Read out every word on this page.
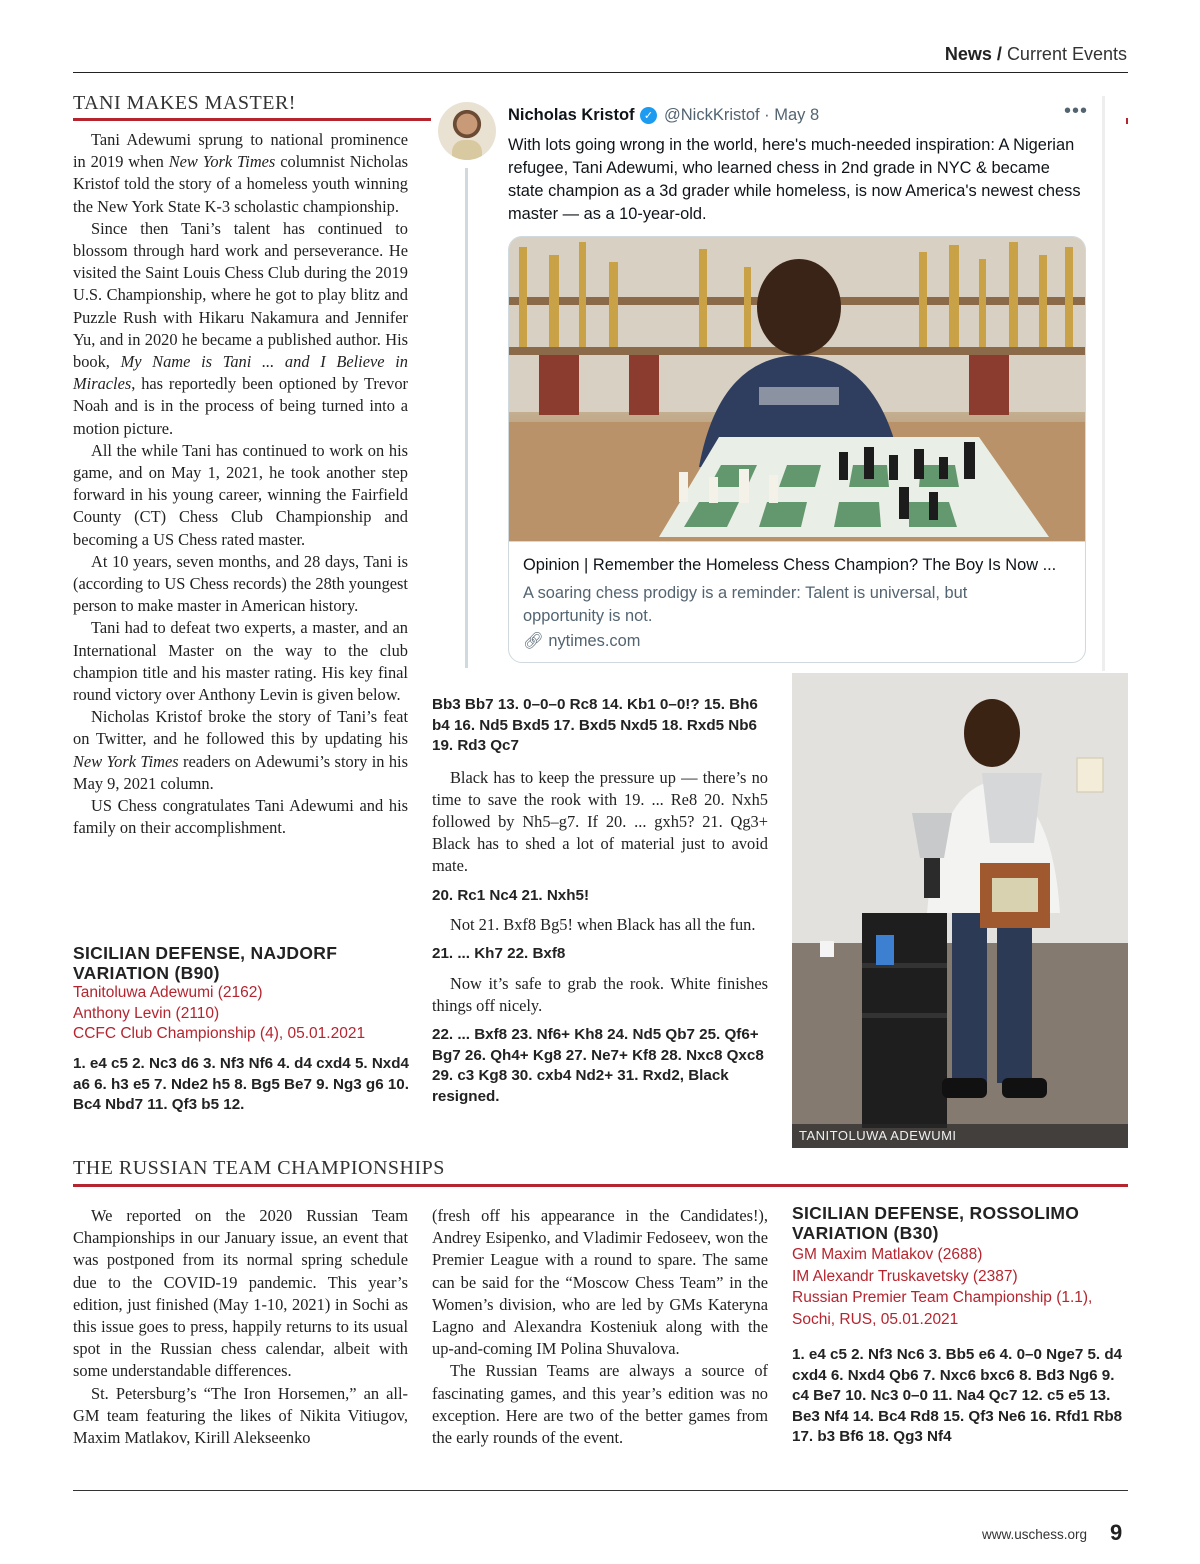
News / Current Events
TANI MAKES MASTER!

Tani Adewumi sprung to national prominence in 2019 when New York Times columnist Nicholas Kristof told the story of a homeless youth winning the New York State K-3 scholastic championship.

Since then Tani’s talent has continued to blossom through hard work and perseverance. He visited the Saint Louis Chess Club during the 2019 U.S. Championship, where he got to play blitz and Puzzle Rush with Hikaru Nakamura and Jennifer Yu, and in 2020 he became a published author. His book, My Name is Tani ... and I Believe in Miracles, has reportedly been optioned by Trevor Noah and is in the process of being turned into a motion picture.

All the while Tani has continued to work on his game, and on May 1, 2021, he took another step forward in his young career, winning the Fairfield County (CT) Chess Club Championship and becoming a US Chess rated master.

At 10 years, seven months, and 28 days, Tani is (according to US Chess records) the 28th youngest person to make master in American history.

Tani had to defeat two experts, a master, and an International Master on the way to the club champion title and his master rating. His key final round victory over Anthony Levin is given below.

Nicholas Kristof broke the story of Tani’s feat on Twitter, and he followed this by updating his New York Times readers on Adewumi’s story in his May 9, 2021 column.

US Chess congratulates Tani Adewumi and his family on their accomplishment.

SICILIAN DEFENSE, NAJDORF VARIATION (B90)
Tanitoluwa Adewumi (2162)
Anthony Levin (2110)
CCFC Club Championship (4), 05.01.2021
1. e4 c5 2. Nc3 d6 3. Nf3 Nf6 4. d4 cxd4 5. Nxd4 a6 6. h3 e5 7. Nde2 h5 8. Bg5 Be7 9. Ng3 g6 10. Bc4 Nbd7 11. Qf3 b5 12.
Nicholas Kristof ✓ @NickKristof · May 8	•••
With lots going wrong in the world, here's much-needed inspiration: A Nigerian refugee, Tani Adewumi, who learned chess in 2nd grade in NYC & became state champion as a 3d grader while homeless, is now America's newest chess master — as a 10-year-old.
Opinion | Remember the Homeless Chess Champion? The Boy Is Now ...
A soaring chess prodigy is a reminder: Talent is universal, but opportunity is not.
🔗︎ nytimes.com
Bb3 Bb7 13. 0–0–0 Rc8 14. Kb1 0–0!? 15. Bh6 b4 16. Nd5 Bxd5 17. Bxd5 Nxd5 18. Rxd5 Nb6 19. Rd3 Qc7

Black has to keep the pressure up — there’s no time to save the rook with 19. ... Re8 20. Nxh5 followed by Nh5–g7. If 20. ... gxh5? 21. Qg3+ Black has to shed a lot of material just to avoid mate.

20. Rc1 Nc4 21. Nxh5!

Not 21. Bxf8 Bg5! when Black has all the fun.

21. ... Kh7 22. Bxf8

Now it’s safe to grab the rook. White finishes things off nicely.

22. ... Bxf8 23. Nf6+ Kh8 24. Nd5 Qb7 25. Qf6+ Bg7 26. Qh4+ Kg8 27. Ne7+ Kf8 28. Nxc8 Qxc8 29. c3 Kg8 30. cxb4 Nd2+ 31. Rxd2, Black resigned.
TANITOLUWA ADEWUMI
THE RUSSIAN TEAM CHAMPIONSHIPS

We reported on the 2020 Russian Team Championships in our January issue, an event that was postponed from its normal spring schedule due to the COVID-19 pandemic. This year’s edition, just finished (May 1-10, 2021) in Sochi as this issue goes to press, happily returns to its usual spot in the Russian chess calendar, albeit with some understandable differences.

St. Petersburg’s “The Iron Horsemen,” an all-GM team featuring the likes of Nikita Vitiugov, Maxim Matlakov, Kirill Alekseenko

(fresh off his appearance in the Candidates!), Andrey Esipenko, and Vladimir Fedoseev, won the Premier League with a round to spare. The same can be said for the “Moscow Chess Team” in the Women’s division, who are led by GMs Kateryna Lagno and Alexandra Kosteniuk along with the up-and-coming IM Polina Shuvalova.

The Russian Teams are always a source of fascinating games, and this year’s edition was no exception. Here are two of the better games from the early rounds of the event.

SICILIAN DEFENSE, ROSSOLIMO VARIATION (B30)
GM Maxim Matlakov (2688)
IM Alexandr Truskavetsky (2387)
Russian Premier Team Championship (1.1), Sochi, RUS, 05.01.2021
1. e4 c5 2. Nf3 Nc6 3. Bb5 e6 4. 0–0 Nge7 5. d4 cxd4 6. Nxd4 Qb6 7. Nxc6 bxc6 8. Bd3 Ng6 9. c4 Be7 10. Nc3 0–0 11. Na4 Qc7 12. c5 e5 13. Be3 Nf4 14. Bc4 Rd8 15. Qf3 Ne6 16. Rfd1 Rb8 17. b3 Bf6 18. Qg3 Nf4
www.uschess.org 9
